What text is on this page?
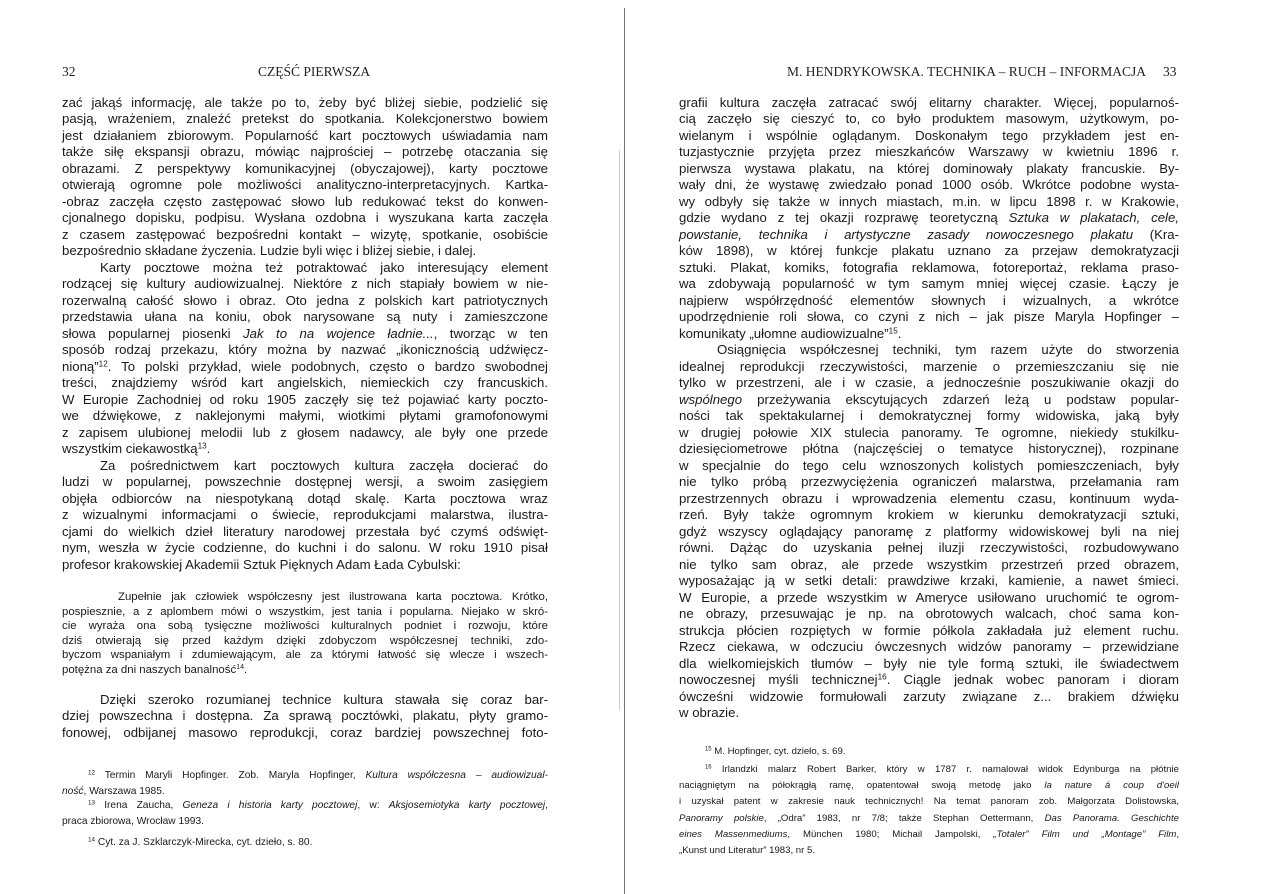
32	CZĘŚĆ PIERWSZA
zać jakąś informację, ale także po to, żeby być bliżej siebie, podzielić się
pasją, wrażeniem, znaleźć pretekst do spotkania. Kolekcjonerstwo bowiem
jest działaniem zbiorowym. Popularność kart pocztowych uświadamia nam
także siłę ekspansji obrazu, mówiąc najprościej – potrzebę otaczania się
obrazami. Z perspektywy komunikacyjnej (obyczajowej), karty pocztowe
otwierają ogromne pole możliwości analityczno-interpretacyjnych. Kartka-
-obraz zaczęła często zastępować słowo lub redukować tekst do konwen-
cjonalnego dopisku, podpisu. Wysłana ozdobna i wyszukana karta zaczęła
z czasem zastępować bezpośredni kontakt – wizytę, spotkanie, osobiście
bezpośrednio składane życzenia. Ludzie byli więc i bliżej siebie, i dalej.
Karty pocztowe można też potraktować jako interesujący element
rodzącej się kultury audiowizualnej. Niektóre z nich stapiały bowiem w nie-
rozerwalną całość słowo i obraz. Oto jedna z polskich kart patriotycznych
przedstawia ułana na koniu, obok narysowane są nuty i zamieszczone
słowa popularnej piosenki Jak to na wojence ładnie..., tworząc w ten
sposób rodzaj przekazu, który można by nazwać „ikonicznością udźwięcz-
nioną”$^{12}$. To polski przykład, wiele podobnych, często o bardzo swobodnej
treści, znajdziemy wśród kart angielskich, niemieckich czy francuskich.
W Europie Zachodniej od roku 1905 zaczęły się też pojawiać karty poczto-
we dźwiękowe, z naklejonymi małymi, wiotkimi płytami gramofonowymi
z zapisem ulubionej melodii lub z głosem nadawcy, ale były one przede
wszystkim ciekawostką$^{13}$.
Za pośrednictwem kart pocztowych kultura zaczęła docierać do
ludzi w popularnej, powszechnie dostępnej wersji, a swoim zasięgiem
objęła odbiorców na niespotykaną dotąd skalę. Karta pocztowa wraz
z wizualnymi informacjami o świecie, reprodukcjami malarstwa, ilustra-
cjami do wielkich dzieł literatury narodowej przestała być czymś odświęt-
nym, weszła w życie codzienne, do kuchni i do salonu. W roku 1910 pisał
profesor krakowskiej Akademii Sztuk Pięknych Adam Łada Cybulski:
Zupełnie jak człowiek współczesny jest ilustrowana karta pocztowa. Krótko,
pospiesznie, a z aplombem mówi o wszystkim, jest tania i popularna. Niejako w skró-
cie wyraża ona sobą tysięczne możliwości kulturalnych podniet i rozwoju, które
dziś otwierają się przed każdym dzięki zdobyczom współczesnej techniki, zdo-
byczom wspaniałym i zdumiewającym, ale za którymi łatwość się wlecze i wszech-
potężna za dni naszych banalność$^{14}$.
Dzięki szeroko rozumianej technice kultura stawała się coraz bar-
dziej powszechna i dostępna. Za sprawą pocztówki, plakatu, płyty gramo-
fonowej, odbijanej masowo reprodukcji, coraz bardziej powszechnej foto-
$^{12}$ Termin Maryli Hopfinger. Zob. Maryla Hopfinger, Kultura współczesna – audiowizual-
ność, Warszawa 1985.
$^{13}$ Irena Zaucha, Geneza i historia karty pocztowej, w: Aksjosemiotyka karty pocztowej,
praca zbiorowa, Wrocław 1993.
$^{14}$ Cyt. za J. Szklarczyk-Mirecka, cyt. dzieło, s. 80.
M. HENDRYKOWSKA. TECHNIKA – RUCH – INFORMACJA 33
grafii kultura zaczęła zatracać swój elitarny charakter. Więcej, popularnoś-
cią zaczęło się cieszyć to, co było produktem masowym, użytkowym, po-
wielanym i wspólnie oglądanym. Doskonałym tego przykładem jest en-
tuzjastycznie przyjęta przez mieszkańców Warszawy w kwietniu 1896 r.
pierwsza wystawa plakatu, na której dominowały plakaty francuskie. By-
wały dni, że wystawę zwiedzało ponad 1000 osób. Wkrótce podobne wysta-
wy odbyły się także w innych miastach, m.in. w lipcu 1898 r. w Krakowie,
gdzie wydano z tej okazji rozprawę teoretyczną Sztuka w plakatach, cele,
powstanie, technika i artystyczne zasady nowoczesnego plakatu (Kra-
ków 1898), w której funkcje plakatu uznano za przejaw demokratyzacji
sztuki. Plakat, komiks, fotografia reklamowa, fotoreportaż, reklama praso-
wa zdobywają popularność w tym samym mniej więcej czasie. Łączy je
najpierw współrzędność elementów słownych i wizualnych, a wkrótce
upodrzędnienie roli słowa, co czyni z nich – jak pisze Maryla Hopfinger –
komunikaty „ułomne audiowizualne”$^{15}$.
Osiągnięcia współczesnej techniki, tym razem użyte do stworzenia
idealnej reprodukcji rzeczywistości, marzenie o przemieszczaniu się nie
tylko w przestrzeni, ale i w czasie, a jednocześnie poszukiwanie okazji do
wspólnego przeżywania ekscytujących zdarzeń leżą u podstaw popular-
ności tak spektakularnej i demokratycznej formy widowiska, jaką były
w drugiej połowie XIX stulecia panoramy. Te ogromne, niekiedy stukilku-
dziesięciometrowe płótna (najczęściej o tematyce historycznej), rozpinane
w specjalnie do tego celu wznoszonych kolistych pomieszczeniach, były
nie tylko próbą przezwyciężenia ograniczeń malarstwa, przełamania ram
przestrzennych obrazu i wprowadzenia elementu czasu, kontinuum wyda-
rzeń. Były także ogromnym krokiem w kierunku demokratyzacji sztuki,
gdyż wszyscy oglądający panoramę z platformy widowiskowej byli na niej
równi. Dążąc do uzyskania pełnej iluzji rzeczywistości, rozbudowywano
nie tylko sam obraz, ale przede wszystkim przestrzeń przed obrazem,
wyposażając ją w setki detali: prawdziwe krzaki, kamienie, a nawet śmieci.
W Europie, a przede wszystkim w Ameryce usiłowano uruchomić te ogrom-
ne obrazy, przesuwając je np. na obrotowych walcach, choć sama kon-
strukcja płócien rozpiętych w formie półkola zakładała już element ruchu.
Rzecz ciekawa, w odczuciu ówczesnych widzów panoramy – przewidziane
dla wielkomiejskich tłumów – były nie tyle formą sztuki, ile świadectwem
nowoczesnej myśli technicznej$^{16}$. Ciągle jednak wobec panoram i dioram
ówcześni widzowie formułowali zarzuty związane z... brakiem dźwięku
w obrazie.
$^{15}$ M. Hopfinger, cyt. dzieło, s. 69.
$^{16}$ Irlandzki malarz Robert Barker, który w 1787 r. namalował widok Edynburga na płótnie
naciągniętym na półokrągłą ramę, opatentował swoją metodę jako la nature á coup d'oeil
i uzyskał patent w zakresie nauk technicznych! Na temat panoram zob. Małgorzata Dolistowska,
Panoramy polskie, „Odra” 1983, nr 7/8; także Stephan Oettermann, Das Panorama. Geschichte
eines Massenmediums, München 1980; Michail Jampolski, „Totaler” Film und „Montage” Film,
„Kunst und Literatur” 1983, nr 5.
